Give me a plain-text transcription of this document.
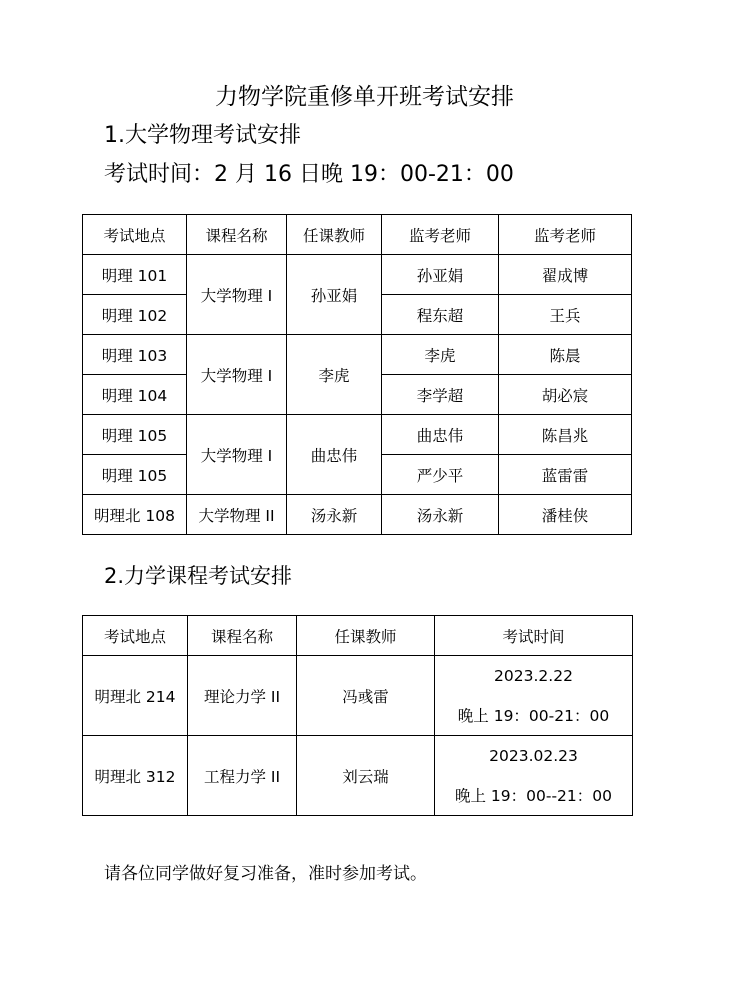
力物学院重修单开班考试安排
1.大学物理考试安排
考试时间：2 月 16 日晚 19：00-21：00
考试地点	课程名称	任课教师	监考老师	监考老师
明理 101	大学物理 I	孙亚娟	孙亚娟	翟成博
明理 102			程东超	王兵
明理 103	大学物理 I	李虎	李虎	陈晨
明理 104			李学超	胡必宸
明理 105	大学物理 I	曲忠伟	曲忠伟	陈昌兆
明理 105			严少平	蓝雷雷
明理北 108	大学物理 II	汤永新	汤永新	潘桂侠
2.力学课程考试安排
考试地点	课程名称	任课教师	考试时间
明理北 214	理论力学 II	冯彧雷	2023.2.22
晚上 19：00-21：00

明理北 312	工程力学 II	刘云瑞	2023.02.23
晚上 19：00--21：00
请各位同学做好复习准备，准时参加考试。
